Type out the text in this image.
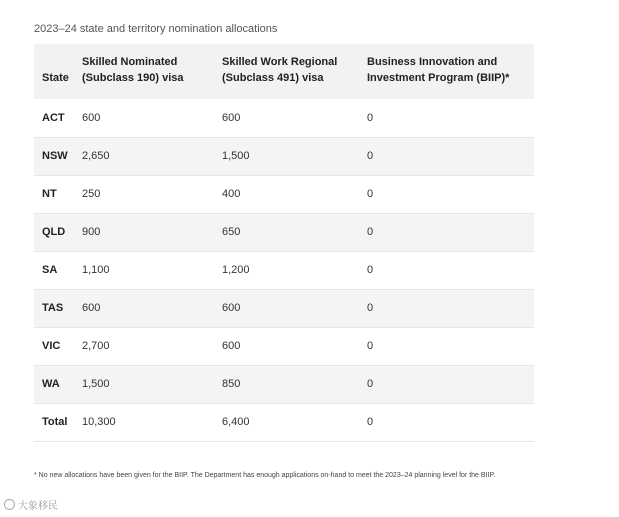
2023–24 state and territory nomination allocations
State	Skilled Nominated (Subclass 190) visa	Skilled Work Regional (Subclass 491) visa	Business Innovation and Investment Program (BIIP)*
ACT	600	600	0
NSW	2,650	1,500	0
NT	250	400	0
QLD	900	650	0
SA	1,100	1,200	0
TAS	600	600	0
VIC	2,700	600	0
WA	1,500	850	0
Total	10,300	6,400	0
* No new allocations have been given for the BIIP. The Department has enough applications on-hand to meet the 2023–24 planning level for the BIIP.
大象移民
